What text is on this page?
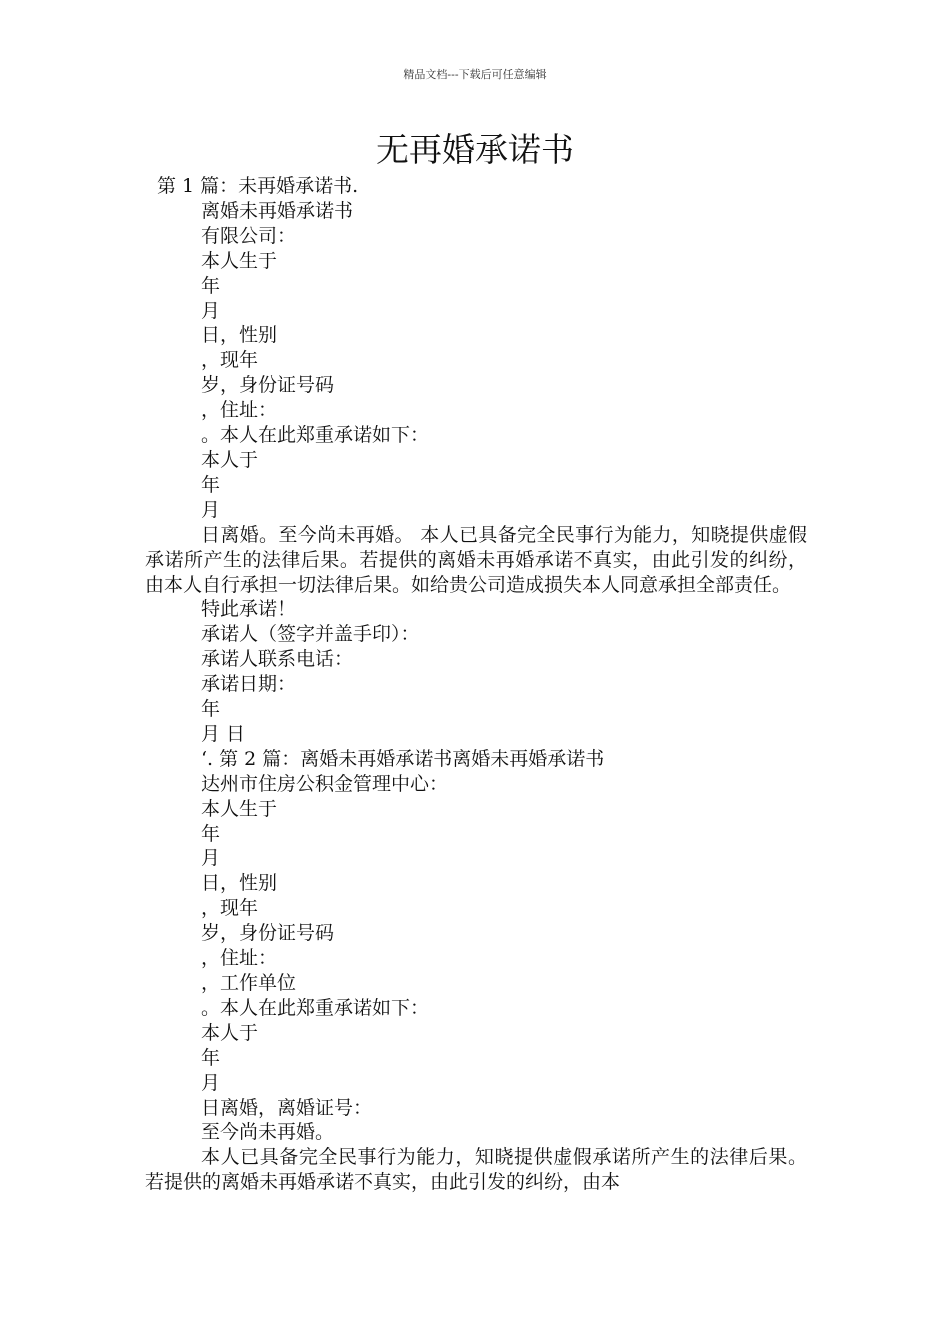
精品文档---下载后可任意编辑
无再婚承诺书

第 1 篇：未再婚承诺书.

离婚未再婚承诺书

有限公司：

本人生于

年

月

日，性别

，现年

岁，身份证号码

，住址：

。本人在此郑重承诺如下：

本人于

年

月

日离婚。至今尚未再婚。 本人已具备完全民事行为能力，知晓提供虚假承诺所产生的法律后果。若提供的离婚未再婚承诺不真实，由此引发的纠纷，由本人自行承担一切法律后果。如给贵公司造成损失本人同意承担全部责任。

特此承诺！

承诺人（签字并盖手印）：

承诺人联系电话：

承诺日期：

年

月 日

‘. 第 2 篇：离婚未再婚承诺书离婚未再婚承诺书

达州市住房公积金管理中心：

本人生于

年

月

日，性别

，现年

岁，身份证号码

，住址：

，工作单位

。本人在此郑重承诺如下：

本人于

年

月

日离婚，离婚证号：

至今尚未再婚。

本人已具备完全民事行为能力，知晓提供虚假承诺所产生的法律后果。若提供的离婚未再婚承诺不真实，由此引发的纠纷，由本
